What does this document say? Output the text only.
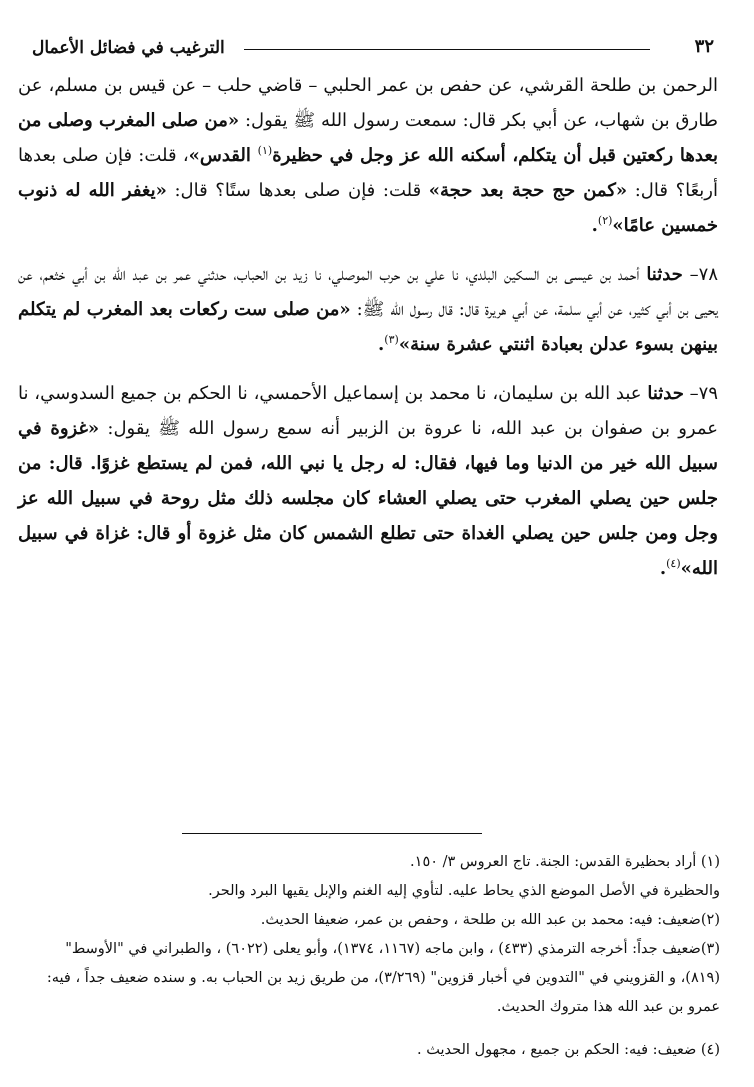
الترغيب في فضائل الأعمال	٣٢

الرحمن بن طلحة القرشي، عن حفص بن عمر الحلبي – قاضي حلب – عن قيس بن مسلم، عن طارق بن شهاب، عن أبي بكر قال: سمعت رسول الله ﷺ يقول: «من صلى المغرب وصلى من بعدها ركعتين قبل أن يتكلم، أسكنه الله عز وجل في حظيرة$^{(١)}$ القدس»، قلت: فإن صلى بعدها أربعًا؟ قال: «كمن حج حجة بعد حجة» قلت: فإن صلى بعدها ستًا؟ قال: «يغفر الله له ذنوب خمسين عامًا»$^{(٢)}$.

٧٨– حدثنا أحمد بن عيسى بن السكين البلدي، نا علي بن حرب الموصلي، نا زيد بن الحباب، حدثني عمر بن عبد الله بن أبي خثعم، عن يحيى بن أبي كثير، عن أبي سلمة، عن أبي هريرة قال: قال رسول الله ﷺ: «من صلى ست ركعات بعد المغرب لم يتكلم بينهن بسوء عدلن بعبادة اثنتي عشرة سنة»$^{(٣)}$.

٧٩– حدثنا عبد الله بن سليمان، نا محمد بن إسماعيل الأحمسي، نا الحكم بن جميع السدوسي، نا عمرو بن صفوان بن عبد الله، نا عروة بن الزبير أنه سمع رسول الله ﷺ يقول: «غزوة في سبيل الله خير من الدنيا وما فيها، فقال: له رجل يا نبي الله، فمن لم يستطع غزوًا. قال: من جلس حين يصلي المغرب حتى يصلي العشاء كان مجلسه ذلك مثل روحة في سبيل الله عز وجل ومن جلس حين يصلي الغداة حتى تطلع الشمس كان مثل غزوة أو قال: غزاة في سبيل الله»$^{(٤)}$.

(١) أراد بحظيرة القدس: الجنة. تاج العروس ٣/ ١٥٠.

والحظيرة في الأصل الموضع الذي يحاط عليه. لتأوي إليه الغنم والإبل يقيها البرد والحر.

(٢)ضعيف: فيه: محمد بن عبد الله بن طلحة ، وحفص بن عمر، ضعيفا الحديث.

(٣)ضعيف جداً: أخرجه الترمذي (٤٣٣) ، وابن ماجه (١١٦٧، ١٣٧٤)، وأبو يعلى (٦٠٢٢) ، والطبراني في "الأوسط" (٨١٩)، و القزويني في "التدوين في أخبار قزوين" (٣/٢٦٩)، من طريق زيد بن الحباب به. و سنده ضعيف جداً ، فيه: عمرو بن عبد الله هذا متروك الحديث.

(٤) ضعيف: فيه: الحكم بن جميع ، مجهول الحديث .
